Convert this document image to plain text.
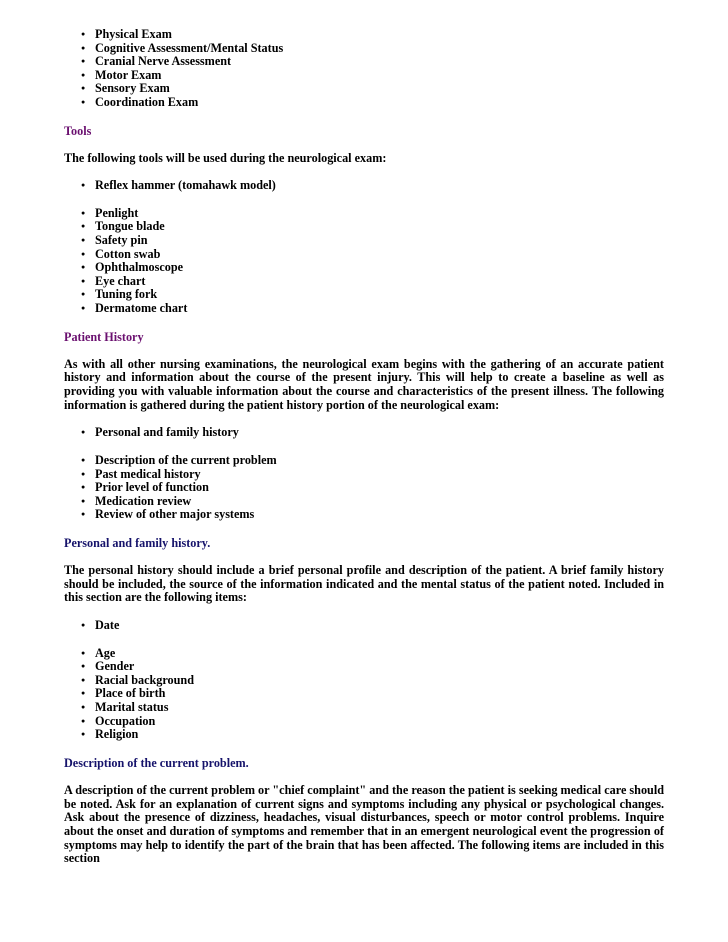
● Physical Exam
● Cognitive Assessment/Mental Status
● Cranial Nerve Assessment
● Motor Exam
● Sensory Exam
● Coordination Exam
Tools

The following tools will be used during the neurological exam:

● Reflex hammer (tomahawk model)
● Penlight
● Tongue blade
● Safety pin
● Cotton swab
● Ophthalmoscope
● Eye chart
● Tuning fork
● Dermatome chart
Patient History

As with all other nursing examinations, the neurological exam begins with the gathering of an accurate patient history and information about the course of the present injury. This will help to create a baseline as well as providing you with valuable information about the course and characteristics of the present illness. The following information is gathered during the patient history portion of the neurological exam:

● Personal and family history
● Description of the current problem
● Past medical history
● Prior level of function
● Medication review
● Review of other major systems
Personal and family history.

The personal history should include a brief personal profile and description of the patient. A brief family history should be included, the source of the information indicated and the mental status of the patient noted. Included in this section are the following items:

● Date
● Age
● Gender
● Racial background
● Place of birth
● Marital status
● Occupation
● Religion
Description of the current problem.

A description of the current problem or "chief complaint" and the reason the patient is seeking medical care should be noted. Ask for an explanation of current signs and symptoms including any physical or psychological changes. Ask about the presence of dizziness, headaches, visual disturbances, speech or motor control problems. Inquire about the onset and duration of symptoms and remember that in an emergent neurological event the progression of symptoms may help to identify the part of the brain that has been affected. The following items are included in this section
